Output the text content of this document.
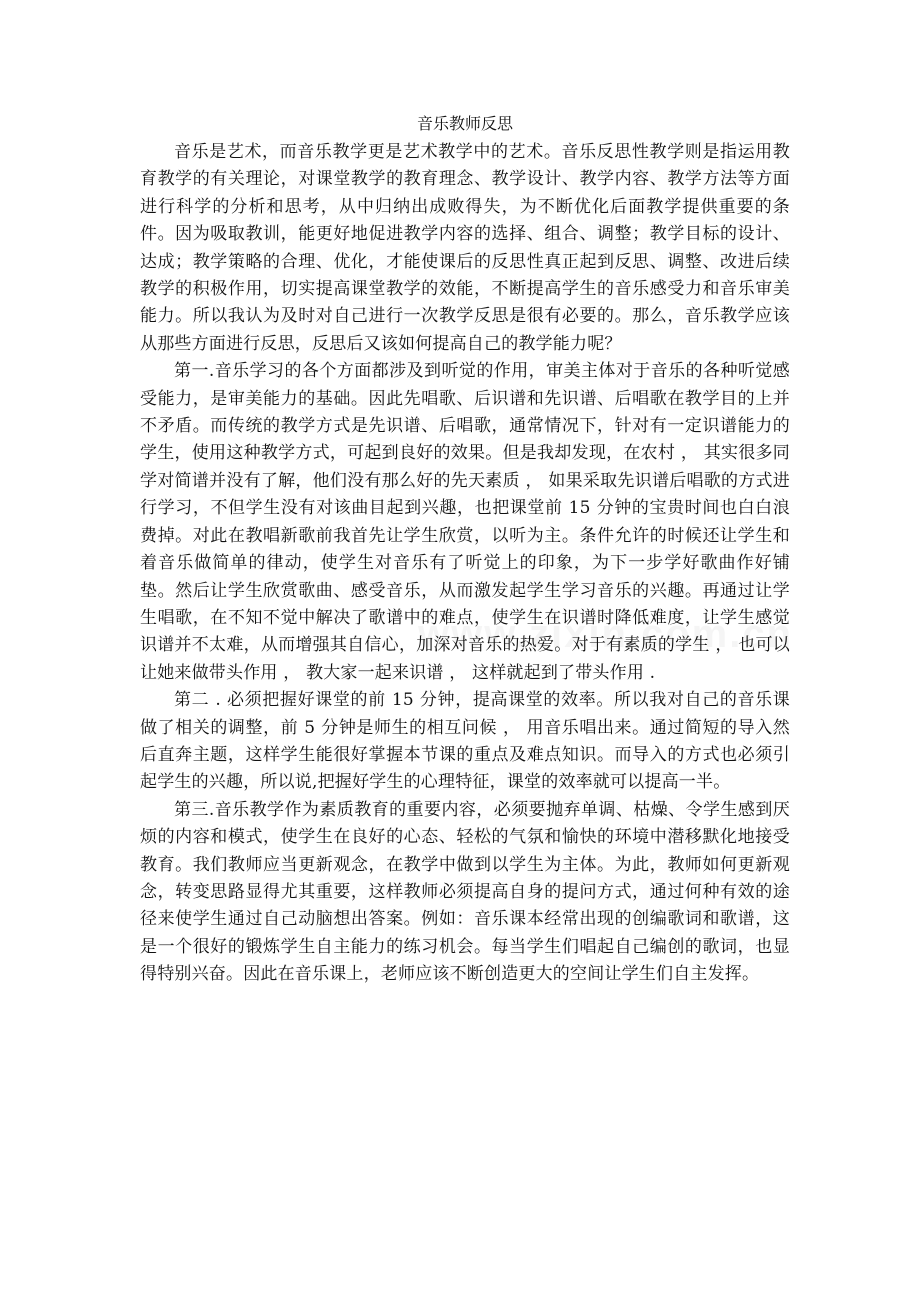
音乐教师反思

音乐是艺术，而音乐教学更是艺术教学中的艺术。音乐反思性教学则是指运用教育教学的有关理论，对课堂教学的教育理念、教学设计、教学内容、教学方法等方面进行科学的分析和思考，从中归纳出成败得失，为不断优化后面教学提供重要的条件。因为吸取教训，能更好地促进教学内容的选择、组合、调整；教学目标的设计、达成；教学策略的合理、优化，才能使课后的反思性真正起到反思、调整、改进后续教学的积极作用，切实提高课堂教学的效能，不断提高学生的音乐感受力和音乐审美能力。所以我认为及时对自己进行一次教学反思是很有必要的。那么，音乐教学应该从那些方面进行反思，反思后又该如何提高自己的教学能力呢？

第一.音乐学习的各个方面都涉及到听觉的作用，审美主体对于音乐的各种听觉感受能力，是审美能力的基础。因此先唱歌、后识谱和先识谱、后唱歌在教学目的上并不矛盾。而传统的教学方式是先识谱、后唱歌，通常情况下，针对有一定识谱能力的学生，使用这种教学方式，可起到良好的效果。但是我却发现，在农村 ， 其实很多同学对简谱并没有了解，他们没有那么好的先天素质 ， 如果采取先识谱后唱歌的方式进行学习，不但学生没有对该曲目起到兴趣，也把课堂前 15 分钟的宝贵时间也白白浪费掉。对此在教唱新歌前我首先让学生欣赏，以听为主。条件允许的时候还让学生和着音乐做简单的律动，使学生对音乐有了听觉上的印象，为下一步学好歌曲作好铺垫。然后让学生欣赏歌曲、感受音乐，从而激发起学生学习音乐的兴趣。再通过让学生唱歌，在不知不觉中解决了歌谱中的难点，使学生在识谱时降低难度，让学生感觉识谱并不太难，从而增强其自信心，加深对音乐的热爱。对于有素质的学生 ， 也可以让她来做带头作用 ， 教大家一起来识谱 ， 这样就起到了带头作用 .

第二 . 必须把握好课堂的前 15 分钟，提高课堂的效率。所以我对自己的音乐课做了相关的调整，前 5 分钟是师生的相互问候 ， 用音乐唱出来。通过简短的导入然后直奔主题，这样学生能很好掌握本节课的重点及难点知识。而导入的方式也必须引起学生的兴趣，所以说,把握好学生的心理特征，课堂的效率就可以提高一半。

第三.音乐教学作为素质教育的重要内容，必须要抛弃单调、枯燥、令学生感到厌烦的内容和模式，使学生在良好的心态、轻松的气氛和愉快的环境中潜移默化地接受教育。我们教师应当更新观念，在教学中做到以学生为主体。为此，教师如何更新观念，转变思路显得尤其重要，这样教师必须提高自身的提问方式，通过何种有效的途径来使学生通过自己动脑想出答案。例如：音乐课本经常出现的创编歌词和歌谱，这是一个很好的锻炼学生自主能力的练习机会。每当学生们唱起自己编创的歌词，也显得特别兴奋。因此在音乐课上，老师应该不断创造更大的空间让学生们自主发挥。
